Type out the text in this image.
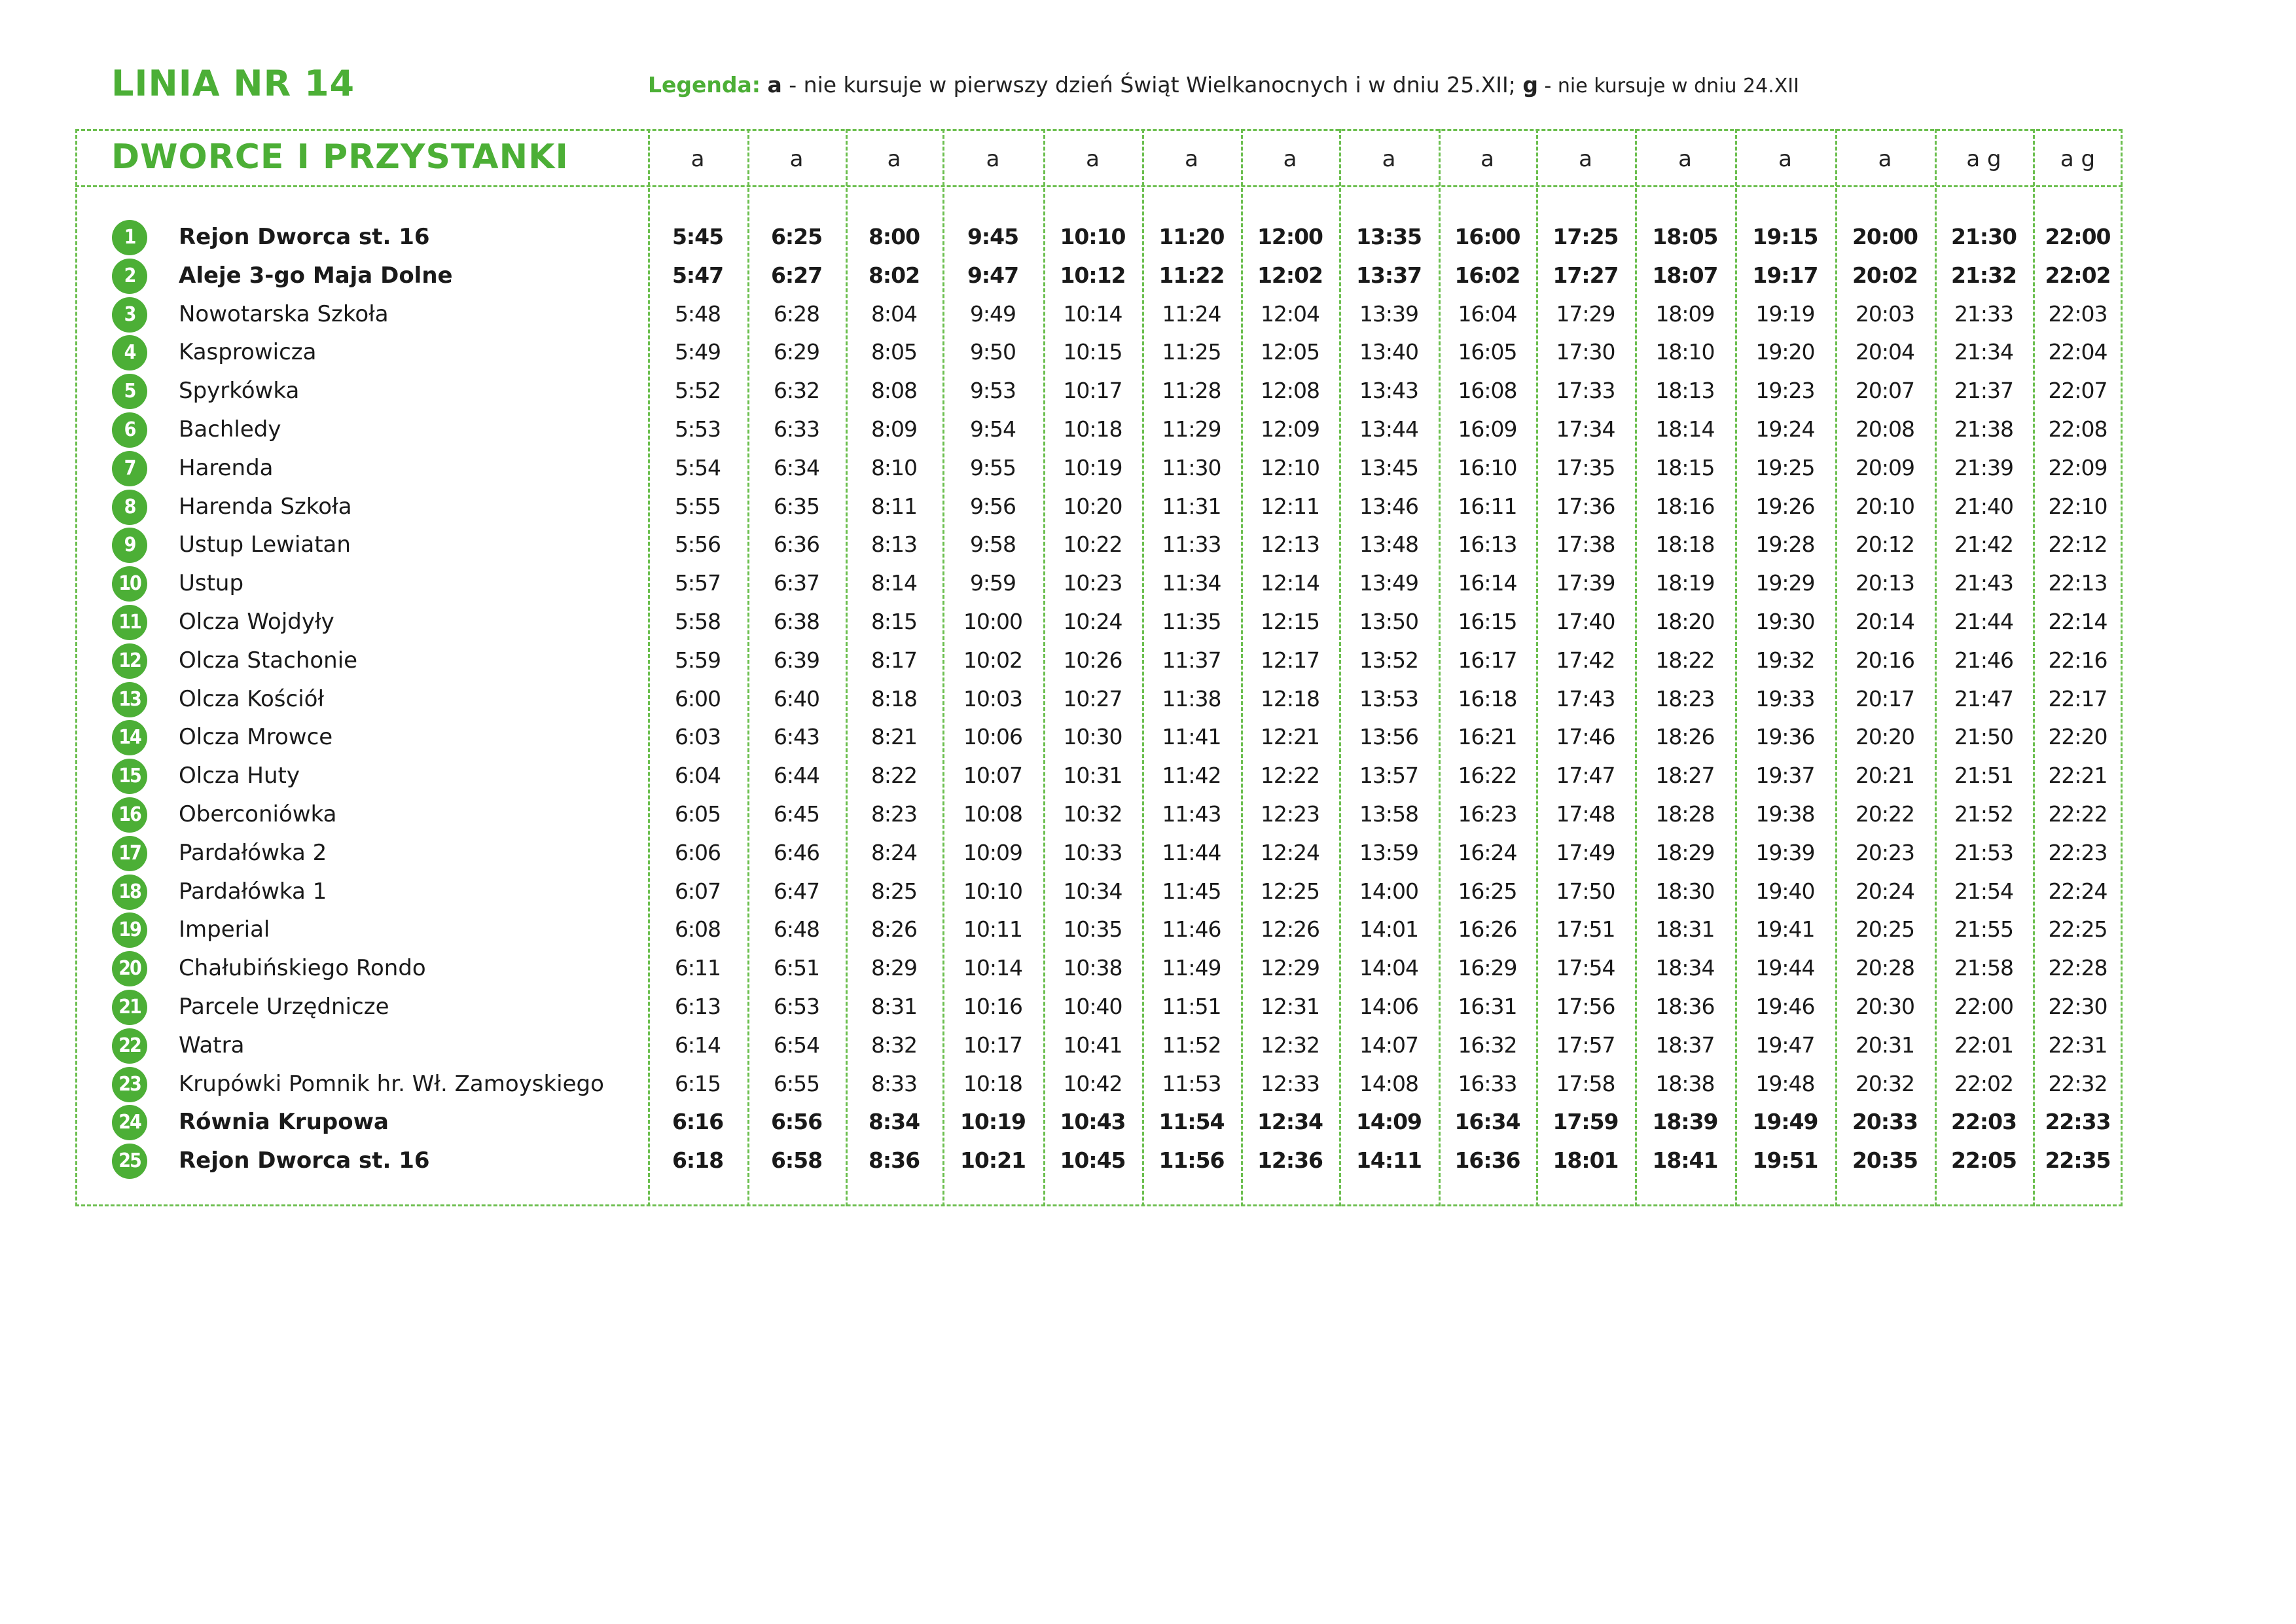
LINIA NR 14	Legenda: a - nie kursuje w pierwszy dzień Świąt Wielkanocnych i w dniu 25.XII; g - nie kursuje w dniu 24.XII
DWORCE I PRZYSTANKI	a	a	a	a	a	a	a	a	a	a	a	a	a	a g	a g
1	Rejon Dworca st. 16	5:45	6:25	8:00	9:45	10:10	11:20	12:00	13:35	16:00	17:25	18:05	19:15	20:00	21:30	22:00
2	Aleje 3-go Maja Dolne	5:47	6:27	8:02	9:47	10:12	11:22	12:02	13:37	16:02	17:27	18:07	19:17	20:02	21:32	22:02
3	Nowotarska Szkoła	5:48	6:28	8:04	9:49	10:14	11:24	12:04	13:39	16:04	17:29	18:09	19:19	20:03	21:33	22:03
4	Kasprowicza	5:49	6:29	8:05	9:50	10:15	11:25	12:05	13:40	16:05	17:30	18:10	19:20	20:04	21:34	22:04
5	Spyrkówka	5:52	6:32	8:08	9:53	10:17	11:28	12:08	13:43	16:08	17:33	18:13	19:23	20:07	21:37	22:07
6	Bachledy	5:53	6:33	8:09	9:54	10:18	11:29	12:09	13:44	16:09	17:34	18:14	19:24	20:08	21:38	22:08
7	Harenda	5:54	6:34	8:10	9:55	10:19	11:30	12:10	13:45	16:10	17:35	18:15	19:25	20:09	21:39	22:09
8	Harenda Szkoła	5:55	6:35	8:11	9:56	10:20	11:31	12:11	13:46	16:11	17:36	18:16	19:26	20:10	21:40	22:10
9	Ustup Lewiatan	5:56	6:36	8:13	9:58	10:22	11:33	12:13	13:48	16:13	17:38	18:18	19:28	20:12	21:42	22:12
10	Ustup	5:57	6:37	8:14	9:59	10:23	11:34	12:14	13:49	16:14	17:39	18:19	19:29	20:13	21:43	22:13
11	Olcza Wojdyły	5:58	6:38	8:15	10:00	10:24	11:35	12:15	13:50	16:15	17:40	18:20	19:30	20:14	21:44	22:14
12	Olcza Stachonie	5:59	6:39	8:17	10:02	10:26	11:37	12:17	13:52	16:17	17:42	18:22	19:32	20:16	21:46	22:16
13	Olcza Kościół	6:00	6:40	8:18	10:03	10:27	11:38	12:18	13:53	16:18	17:43	18:23	19:33	20:17	21:47	22:17
14	Olcza Mrowce	6:03	6:43	8:21	10:06	10:30	11:41	12:21	13:56	16:21	17:46	18:26	19:36	20:20	21:50	22:20
15	Olcza Huty	6:04	6:44	8:22	10:07	10:31	11:42	12:22	13:57	16:22	17:47	18:27	19:37	20:21	21:51	22:21
16	Oberconiówka	6:05	6:45	8:23	10:08	10:32	11:43	12:23	13:58	16:23	17:48	18:28	19:38	20:22	21:52	22:22
17	Pardałówka 2	6:06	6:46	8:24	10:09	10:33	11:44	12:24	13:59	16:24	17:49	18:29	19:39	20:23	21:53	22:23
18	Pardałówka 1	6:07	6:47	8:25	10:10	10:34	11:45	12:25	14:00	16:25	17:50	18:30	19:40	20:24	21:54	22:24
19	Imperial	6:08	6:48	8:26	10:11	10:35	11:46	12:26	14:01	16:26	17:51	18:31	19:41	20:25	21:55	22:25
20	Chałubińskiego Rondo	6:11	6:51	8:29	10:14	10:38	11:49	12:29	14:04	16:29	17:54	18:34	19:44	20:28	21:58	22:28
21	Parcele Urzędnicze	6:13	6:53	8:31	10:16	10:40	11:51	12:31	14:06	16:31	17:56	18:36	19:46	20:30	22:00	22:30
22	Watra	6:14	6:54	8:32	10:17	10:41	11:52	12:32	14:07	16:32	17:57	18:37	19:47	20:31	22:01	22:31
23	Krupówki Pomnik hr. Wł. Zamoyskiego	6:15	6:55	8:33	10:18	10:42	11:53	12:33	14:08	16:33	17:58	18:38	19:48	20:32	22:02	22:32
24	Równia Krupowa	6:16	6:56	8:34	10:19	10:43	11:54	12:34	14:09	16:34	17:59	18:39	19:49	20:33	22:03	22:33
25	Rejon Dworca st. 16	6:18	6:58	8:36	10:21	10:45	11:56	12:36	14:11	16:36	18:01	18:41	19:51	20:35	22:05	22:35
